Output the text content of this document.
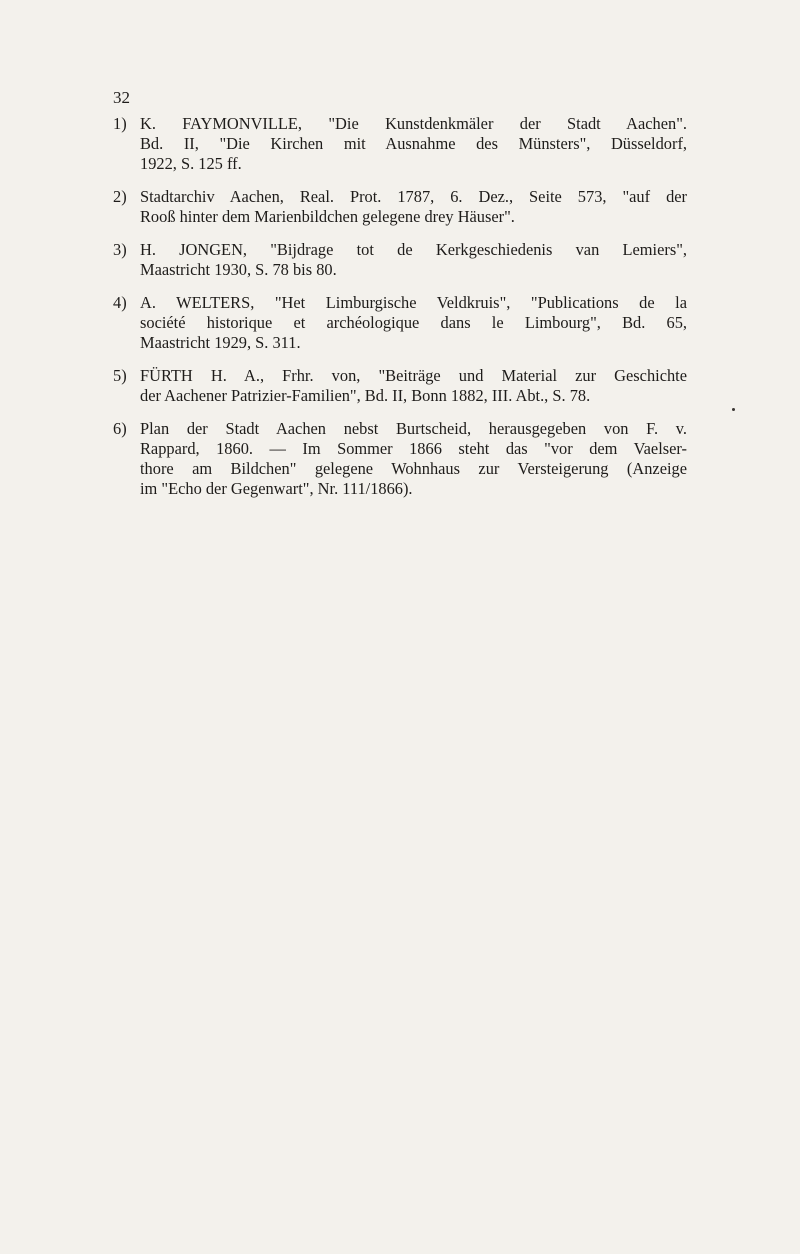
32
1) K. FAYMONVILLE, "Die Kunstdenkmäler der Stadt Aachen".
Bd. II, "Die Kirchen mit Ausnahme des Münsters", Düsseldorf,
1922, S. 125 ff.
2) Stadtarchiv Aachen, Real. Prot. 1787, 6. Dez., Seite 573, "auf der
Rooß hinter dem Marienbildchen gelegene drey Häuser".
3) H. JONGEN, "Bijdrage tot de Kerkgeschiedenis van Lemiers",
Maastricht 1930, S. 78 bis 80.
4) A. WELTERS, "Het Limburgische Veldkruis", "Publications de la
société historique et archéologique dans le Limbourg", Bd. 65,
Maastricht 1929, S. 311.
5) FÜRTH H. A., Frhr. von, "Beiträge und Material zur Geschichte
der Aachener Patrizier-Familien", Bd. II, Bonn 1882, III. Abt., S. 78.
6) Plan der Stadt Aachen nebst Burtscheid, herausgegeben von F. v.
Rappard, 1860. — Im Sommer 1866 steht das "vor dem Vaelser-
thore am Bildchen" gelegene Wohnhaus zur Versteigerung (Anzeige
im "Echo der Gegenwart", Nr. 111/1866).
